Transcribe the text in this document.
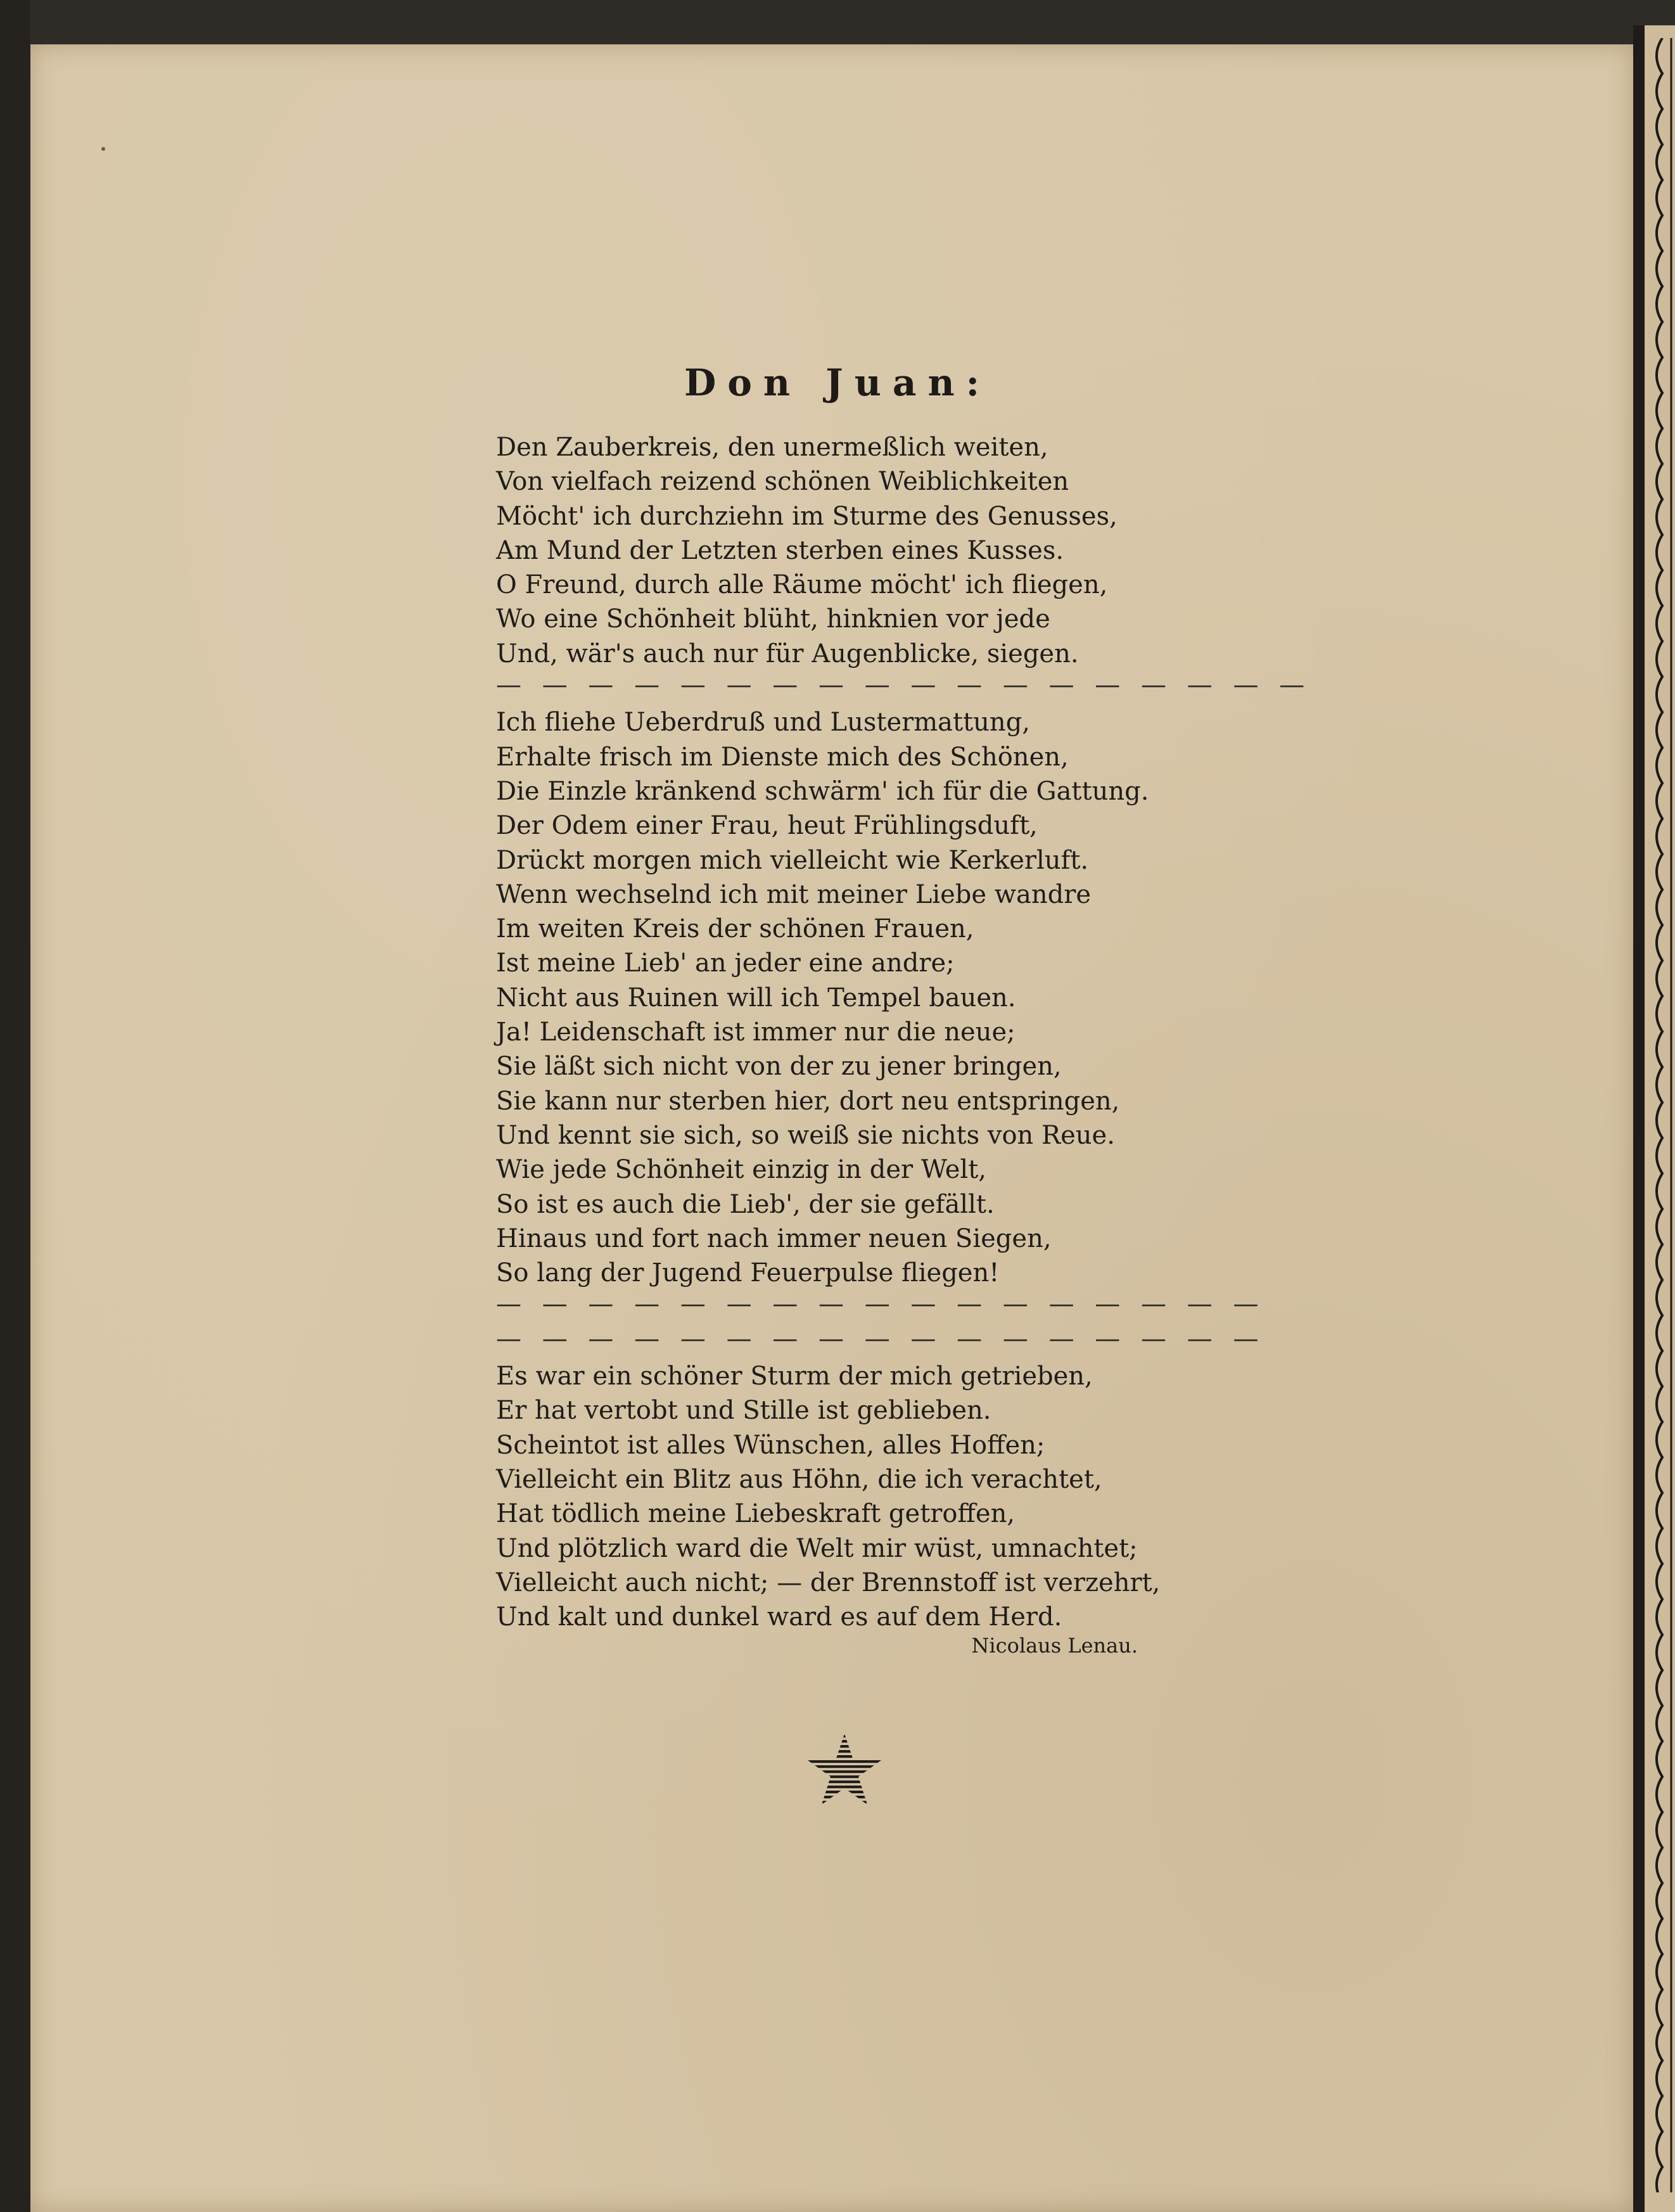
Don Juan:
Den Zauberkreis, den unermeßlich weiten,
Von vielfach reizend schönen Weiblichkeiten
Möcht' ich durchziehn im Sturme des Genusses,
Am Mund der Letzten sterben eines Kusses.
O Freund, durch alle Räume möcht' ich fliegen,
Wo eine Schönheit blüht, hinknien vor jede
Und, wär's auch nur für Augenblicke, siegen.
— — — — — — — — — — — — — — — — — —
Ich fliehe Ueberdruß und Lustermattung,
Erhalte frisch im Dienste mich des Schönen,
Die Einzle kränkend schwärm' ich für die Gattung.
Der Odem einer Frau, heut Frühlingsduft,
Drückt morgen mich vielleicht wie Kerkerluft.
Wenn wechselnd ich mit meiner Liebe wandre
Im weiten Kreis der schönen Frauen,
Ist meine Lieb' an jeder eine andre;
Nicht aus Ruinen will ich Tempel bauen.
Ja! Leidenschaft ist immer nur die neue;
Sie läßt sich nicht von der zu jener bringen,
Sie kann nur sterben hier, dort neu entspringen,
Und kennt sie sich, so weiß sie nichts von Reue.
Wie jede Schönheit einzig in der Welt,
So ist es auch die Lieb', der sie gefällt.
Hinaus und fort nach immer neuen Siegen,
So lang der Jugend Feuerpulse fliegen!
— — — — — — — — — — — — — — — — —
— — — — — — — — — — — — — — — — —
Es war ein schöner Sturm der mich getrieben,
Er hat vertobt und Stille ist geblieben.
Scheintot ist alles Wünschen, alles Hoffen;
Vielleicht ein Blitz aus Höhn, die ich verachtet,
Hat tödlich meine Liebeskraft getroffen,
Und plötzlich ward die Welt mir wüst, umnachtet;
Vielleicht auch nicht; — der Brennstoff ist verzehrt,
Und kalt und dunkel ward es auf dem Herd.
Nicolaus Lenau.
